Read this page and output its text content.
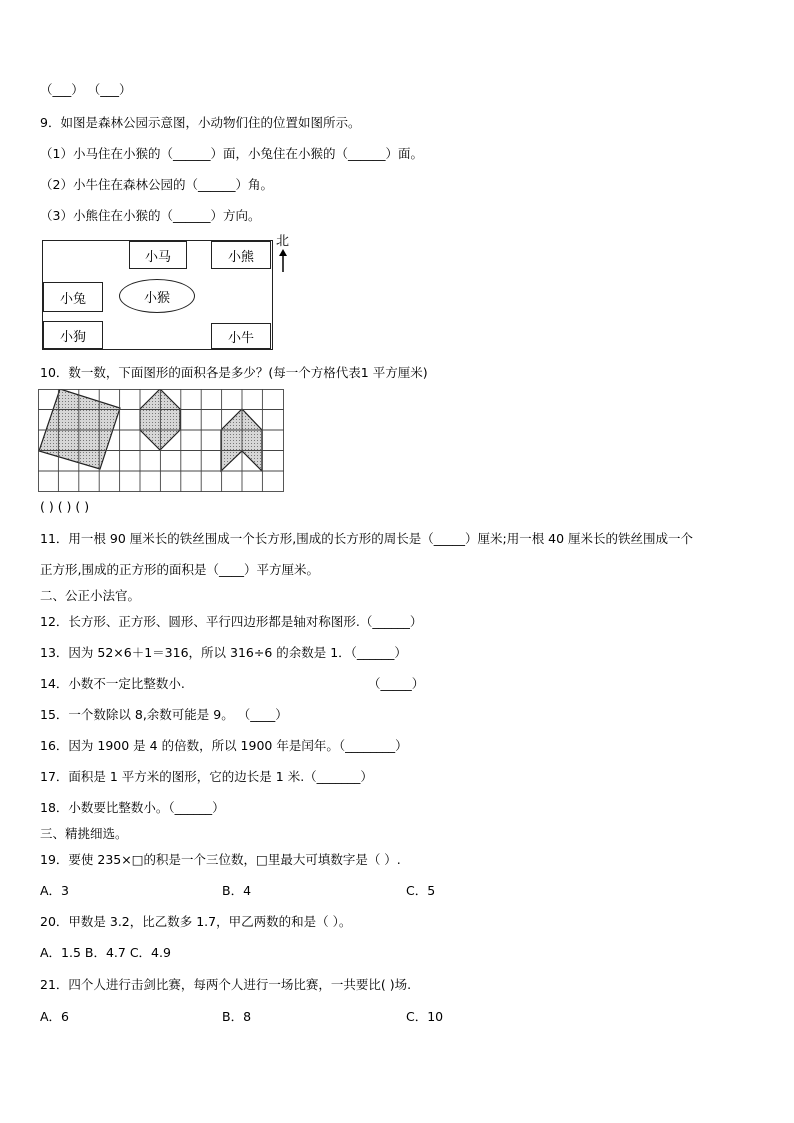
（___） （___）
9．如图是森林公园示意图，小动物们住的位置如图所示。
（1）小马住在小猴的（______）面，小兔住在小猴的（______）面。
（2）小牛住在森林公园的（______）角。
（3）小熊住在小猴的（______）方向。
小马	小熊
小兔	小猴
小狗	小牛
北
10．数一数，下面图形的面积各是多少？(每一个方格代表1 平方厘米)
( ) ( ) ( )
11．用一根 90 厘米长的铁丝围成一个长方形,围成的长方形的周长是（_____）厘米;用一根 40 厘米长的铁丝围成一个
正方形,围成的正方形的面积是（____）平方厘米。
二、公正小法官。
12．长方形、正方形、圆形、平行四边形都是轴对称图形.（______）
13．因为 52×6＋1＝316，所以 316÷6 的余数是 1．（______）
14．小数不一定比整数小.	（_____）
15．一个数除以 8,余数可能是 9。 （____）
16．因为 1900 是 4 的倍数，所以 1900 年是闰年。（________）
17．面积是 1 平方米的图形，它的边长是 1 米.（_______）
18．小数要比整数小。（______）
三、精挑细选。
19．要使 235×□的积是一个三位数，□里最大可填数字是（ ）.
A．3	B．4	C．5
20．甲数是 3.2，比乙数多 1.7，甲乙两数的和是（ ）。
A．1.5 B．4.7 C．4.9
21．四个人进行击剑比赛，每两个人进行一场比赛，一共要比( )场.
A．6	B．8	C．10
